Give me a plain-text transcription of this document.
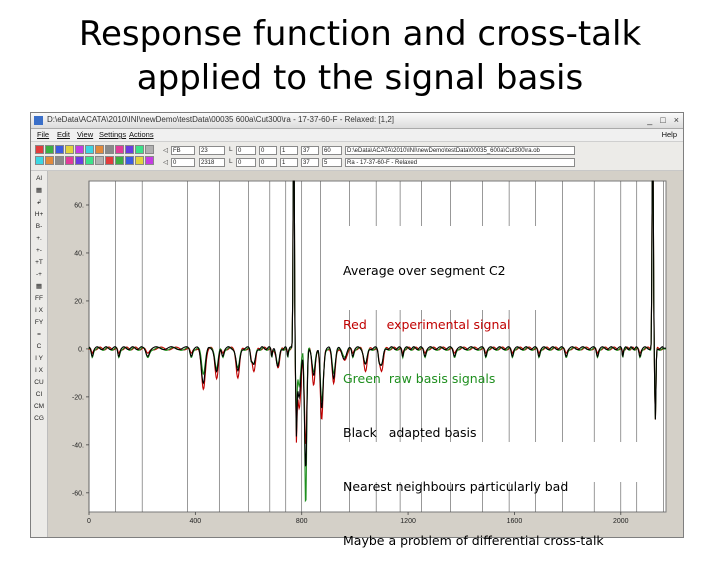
Response function and cross-talk
applied to the signal basis
D:\eData\ACATA\2010\INI\newDemo\testData\00035 600a\Cut300\ra - 17-37-60-F - Relaxed: [1,2]	_ □ ×
File Edit View Settings Actions	Help
◁
◁
FB	23	L 0	0	1	37	60
0	2318	L 0	0	1	37	5
D:\eData\ACATA\2010\INI\newDemo\testData\00035_600a\Cut300\ra.ob
Ra - 17-37-60-F - Relaxed
Al
▦
↲
H+
B-
+.
+-
+T
-+
▦
FF
I X
FY
=
C
I Y
I X
CU
CI
CM
CG
60.
40.
20.
0.
-20.
-40.
-60.
0	400	800	1200	1600	2000

Average over segment C2

Red experimental signal

Green raw basis signals

Black adapted basis

Nearest neighbours particularly bad

Maybe a problem of differential cross-talk
